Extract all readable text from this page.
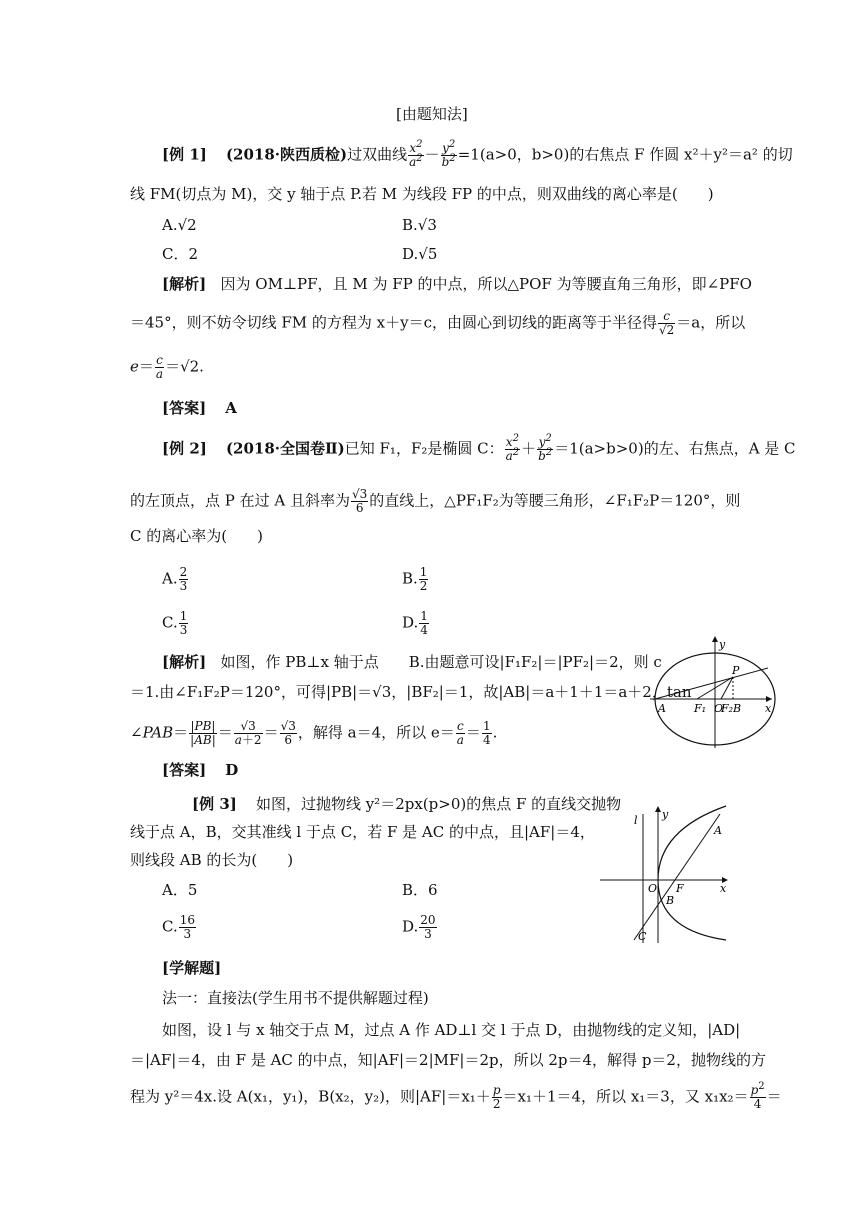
[由题知法]
[例 1] (2018·陕西质检)过双曲线 $\frac{x^2}{a^2} - \frac{y^2}{b^2} =1(a>0$，b>0)的右焦点 F 作圆 x²＋y²＝a² 的切
线 FM(切点为 M)，交 y 轴于点 P.若 M 为线段 FP 的中点，则双曲线的离心率是(　　)
A.√2	B.√3
C．2	D.√5
[解析] 因为 OM⊥PF，且 M 为 FP 的中点，所以△POF 为等腰直角三角形，即∠PFO
＝45°，则不妨令切线 FM 的方程为 x＋y＝c，由圆心到切线的距离等于半径得 $\frac{c}{√2} =a$，所以
$e= \frac{c}{a} =√2$.
[答案] A
[例 2] (2018·全国卷Ⅱ)已知 F₁，F₂是椭圆 C： $\frac{x^2}{a^2} + \frac{y^2}{b^2} =1(a>b>0)$的左、右焦点，A 是 C
的左顶点，点 P 在过 A 且斜率为 $\frac{√3}{6}$ 的直线上，△PF₁F₂为等腰三角形，∠F₁F₂P＝120°，则
C 的离心率为(　　)
A. $\frac{2}{3}$	B. $\frac{1}{2}$
C. $\frac{1}{3}$	D. $\frac{1}{4}$
[解析] 如图，作 PB⊥x 轴于点　　B.由题意可设|F₁F₂|＝|PF₂|＝2，则 c
＝1.由∠F₁F₂P＝120°，可得|PB|＝√3，|BF₂|＝1，故|AB|＝a＋1＋1＝a＋2，tan
∠PAB＝ $\frac{|PB|}{|AB|} = \frac{√3}{a+2} = \frac{√3}{6}$ ，解得 a＝4，所以 $e= \frac{c}{a} = \frac{1}{4}$ .
[答案] D
y
P
A	F₁ O
F₂ B x
[例 3] 如图，过抛物线 y²＝2px(p>0)的焦点 F 的直线交抛物
线于点 A，B，交其准线 l 于点 C，若 F 是 AC 的中点，且|AF|＝4，
则线段 AB 的长为(　　)
A．5	B．6
C. $\frac{16}{3}$	D. $\frac{20}{3}$
l y
A
O F
B
x
C
[学解题]
法一：直接法(学生用书不提供解题过程)
如图，设 l 与 x 轴交于点 M，过点 A 作 AD⊥l 交 l 于点 D，由抛物线的定义知，|AD|
＝|AF|＝4，由 F 是 AC 的中点，知|AF|＝2|MF|＝2p，所以 2p＝4，解得 p＝2，抛物线的方
程为 y²＝4x.设 A(x₁，y₁)，B(x₂，y₂)，则$|AF|=x_1+ \frac{p}{2} =x_1+1=4$，所以 x₁＝3，又 $x_1x_2= \frac{p^2}{4}$ ＝
